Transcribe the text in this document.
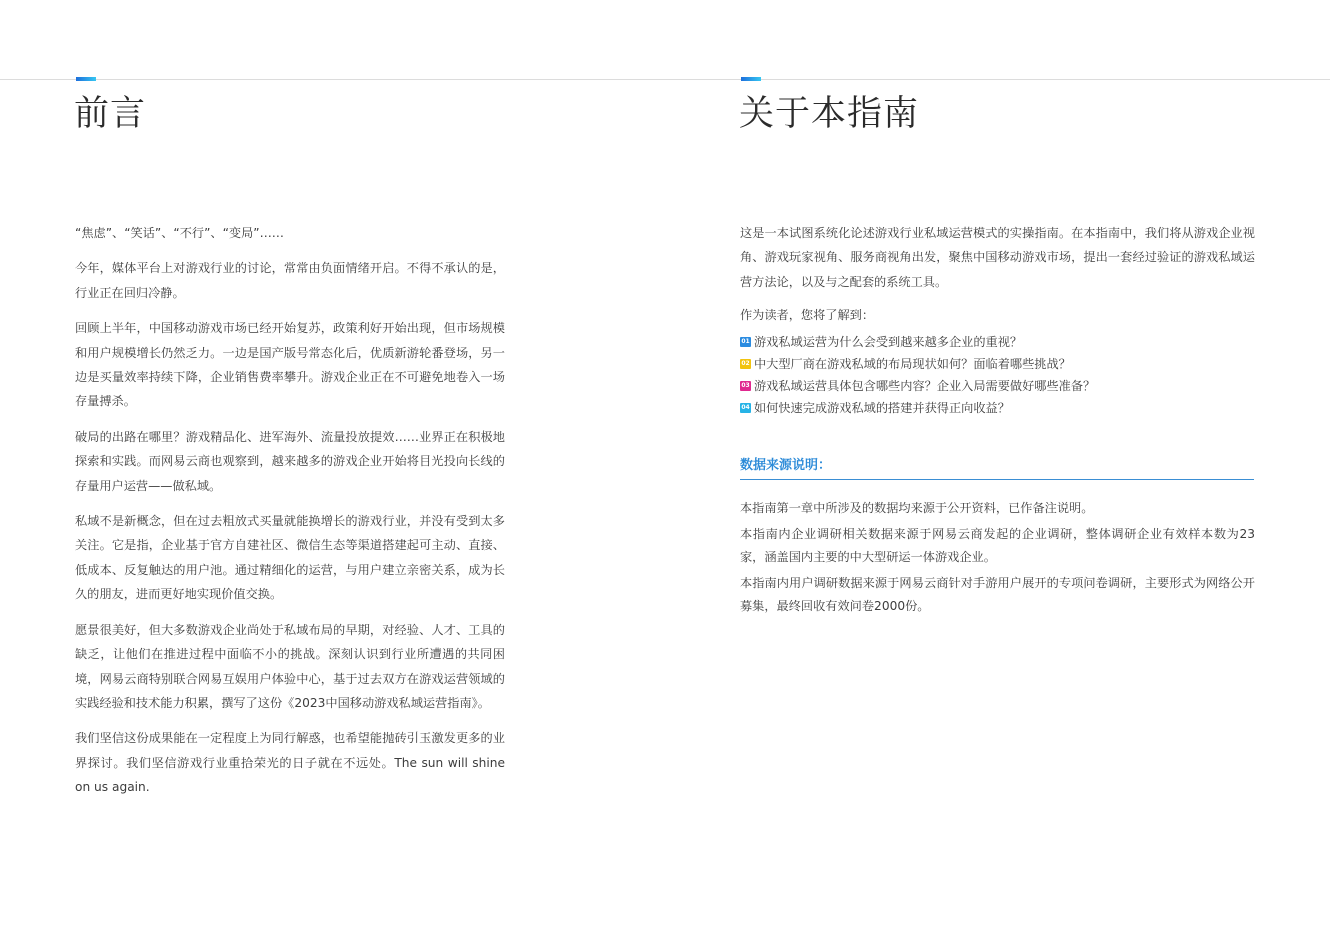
前言

“焦虑”、“笑话”、“不行”、“变局”……

今年，媒体平台上对游戏行业的讨论，常常由负面情绪开启。不得不承认的是，行业正在回归冷静。

回顾上半年，中国移动游戏市场已经开始复苏，政策利好开始出现，但市场规模和用户规模增长仍然乏力。一边是国产版号常态化后，优质新游轮番登场，另一边是买量效率持续下降，企业销售费率攀升。游戏企业正在不可避免地卷入一场存量搏杀。

破局的出路在哪里？游戏精品化、进军海外、流量投放提效……业界正在积极地探索和实践。而网易云商也观察到，越来越多的游戏企业开始将目光投向长线的存量用户运营——做私域。

私域不是新概念，但在过去粗放式买量就能换增长的游戏行业，并没有受到太多关注。它是指，企业基于官方自建社区、微信生态等渠道搭建起可主动、直接、低成本、反复触达的用户池。通过精细化的运营，与用户建立亲密关系，成为长久的朋友，进而更好地实现价值交换。

愿景很美好，但大多数游戏企业尚处于私域布局的早期，对经验、人才、工具的缺乏，让他们在推进过程中面临不小的挑战。深刻认识到行业所遭遇的共同困境，网易云商特别联合网易互娱用户体验中心，基于过去双方在游戏运营领域的实践经验和技术能力积累，撰写了这份《2023中国移动游戏私域运营指南》。

我们坚信这份成果能在一定程度上为同行解惑，也希望能抛砖引玉激发更多的业界探讨。我们坚信游戏行业重拾荣光的日子就在不远处。The sun will shine on us again.

关于本指南

这是一本试图系统化论述游戏行业私域运营模式的实操指南。在本指南中，我们将从游戏企业视角、游戏玩家视角、服务商视角出发，聚焦中国移动游戏市场，提出一套经过验证的游戏私域运营方法论，以及与之配套的系统工具。

作为读者，您将了解到：

01 游戏私域运营为什么会受到越来越多企业的重视？
02 中大型厂商在游戏私域的布局现状如何？面临着哪些挑战？
03 游戏私域运营具体包含哪些内容？企业入局需要做好哪些准备？
04 如何快速完成游戏私域的搭建并获得正向收益？
数据来源说明：

本指南第一章中所涉及的数据均来源于公开资料，已作备注说明。

本指南内企业调研相关数据来源于网易云商发起的企业调研，整体调研企业有效样本数为23家，涵盖国内主要的中大型研运一体游戏企业。

本指南内用户调研数据来源于网易云商针对手游用户展开的专项问卷调研，主要形式为网络公开募集，最终回收有效问卷2000份。
